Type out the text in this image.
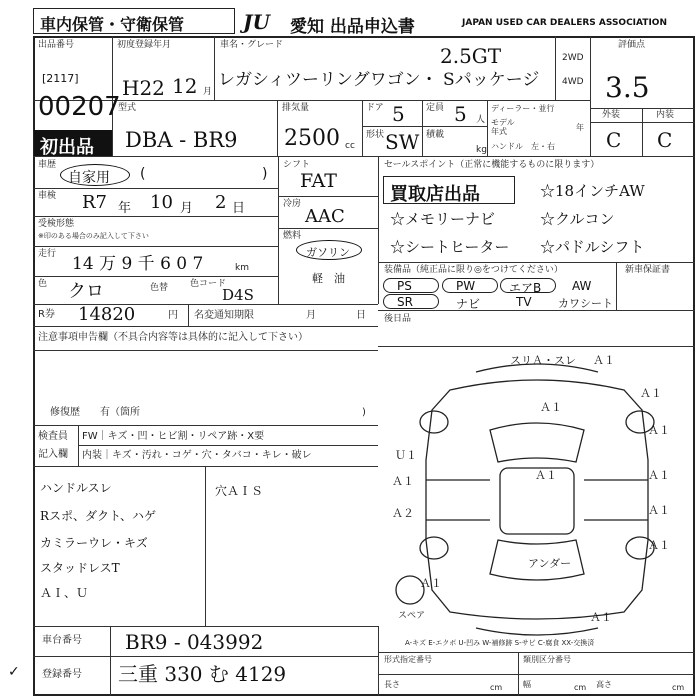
車内保管・守衛保管	JU 愛知 出品申込書	JAPAN USED CAR DEALERS ASSOCIATION
出品番号
[2117]
00207
初出品
初度登録年月
H22 12 月
車名・グレード	2.5GT
レガシィツーリングワゴン・ Sパッケージ
2WD
4WD
評価点
3.5
外装	内装
C C
型式
DBA - BR9
排気量
2500 cc
ドア 5 定員 5 人
形状 SW 積載
kg
ディーラー・並行
モデル
年式	年
ハンドル　左・右
車歴
自家用 (	)
車検 R7 年 10 月 2 日
受検形態
※印のある場合のみ記入して下さい
走行 14 万 9 千 6 0 7	km
色 クロ	色替 色コード
D4S
シフト
FAT
冷房
AAC
燃料
ガソリン
軽　油
R券 14820	円 名変通知期限	月	日
注意事項申告欄（不具合内容等は具体的に記入して下さい）
修復歴　　有（箇所	)
検査員
記入欄
FW｜キズ・凹・ヒビ割・リペア跡・X要
内装｜キズ・汚れ・コゲ・穴・タバコ・キレ・破レ
ハンドルスレ
Rスポ、ダクト、ハゲ
カミラーウレ・キズ
スタッドレスT
ＡＩ、Ｕ
穴ＡＩＳ
車台番号 BR9 - 043992
✓ 登録番号 三重 330 む 4129
セールスポイント（正常に機能するものに限ります）
買取店出品	☆18インチAW
☆メモリーナビ	☆クルコン
☆シートヒーター ☆パドルシフト
装備品（純正品に限り◎をつけてください）	新車保証書
PS	PW	エアB	AW
SR	ナビ	TV カワシート
後日品
スリＡ・スレ Ａ１
Ａ１
Ａ１
Ａ１
Ｕ１
Ａ１	Ａ１
Ａ２
Ａ１
Ａ１
Ａ１
アンダー
Ａ１
Ａ１
スペア
A-キズ E-エクボ U-凹み W-補修跡 S-サビ C-腐食 XX-交換済
形式指定番号	類別区分番号
長さ	cm	幅	cm 高さ	cm
